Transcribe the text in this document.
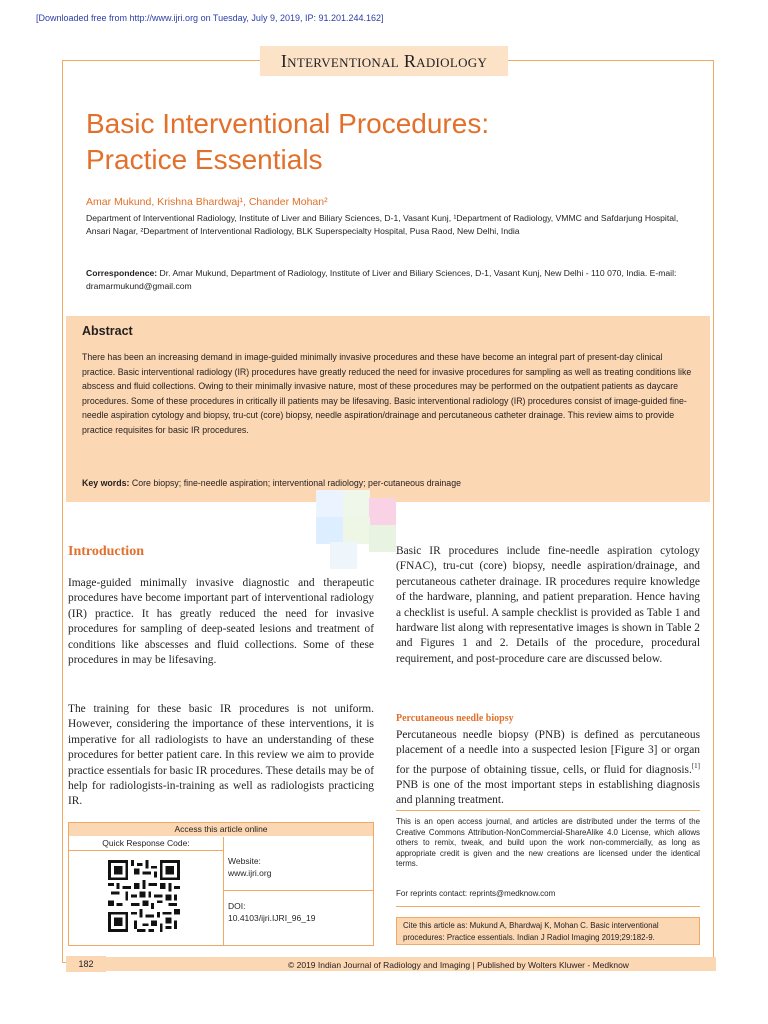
[Downloaded free from http://www.ijri.org on Tuesday, July 9, 2019, IP: 91.201.244.162]
Interventional Radiology
Basic Interventional Procedures:
Practice Essentials
Amar Mukund, Krishna Bhardwaj¹, Chander Mohan²
Department of Interventional Radiology, Institute of Liver and Biliary Sciences, D-1, Vasant Kunj, ¹Department of Radiology, VMMC and Safdarjung Hospital, Ansari Nagar, ²Department of Interventional Radiology, BLK Superspecialty Hospital, Pusa Raod, New Delhi, India
Correspondence: Dr. Amar Mukund, Department of Radiology, Institute of Liver and Biliary Sciences, D-1, Vasant Kunj, New Delhi - 110 070, India. E-mail: dramarmukund@gmail.com
Abstract
There has been an increasing demand in image-guided minimally invasive procedures and these have become an integral part of present-day clinical practice. Basic interventional radiology (IR) procedures have greatly reduced the need for invasive procedures for sampling as well as treating conditions like abscess and fluid collections. Owing to their minimally invasive nature, most of these procedures may be performed on the outpatient patients as daycare procedures. Some of these procedures in critically ill patients may be lifesaving. Basic interventional radiology (IR) procedures consist of image-guided fine-needle aspiration cytology and biopsy, tru-cut (core) biopsy, needle aspiration/drainage and percutaneous catheter drainage. This review aims to provide practice requisites for basic IR procedures.
Key words: Core biopsy; fine-needle aspiration; interventional radiology; per-cutaneous drainage
Introduction
Image-guided minimally invasive diagnostic and therapeutic procedures have become important part of interventional radiology (IR) practice. It has greatly reduced the need for invasive procedures for sampling of deep-seated lesions and treatment of conditions like abscesses and fluid collections. Some of these procedures in may be lifesaving.
The training for these basic IR procedures is not uniform. However, considering the importance of these interventions, it is imperative for all radiologists to have an understanding of these procedures for better patient care. In this review we aim to provide practice essentials for basic IR procedures. These details may be of help for radiologists-in-training as well as radiologists practicing IR.
Basic IR procedures include fine-needle aspiration cytology (FNAC), tru-cut (core) biopsy, needle aspiration/drainage, and percutaneous catheter drainage. IR procedures require knowledge of the hardware, planning, and patient preparation. Hence having a checklist is useful. A sample checklist is provided as Table 1 and hardware list along with representative images is shown in Table 2 and Figures 1 and 2. Details of the procedure, procedural requirement, and post-procedure care are discussed below.
Percutaneous needle biopsy
Percutaneous needle biopsy (PNB) is defined as percutaneous placement of a needle into a suspected lesion [Figure 3] or organ for the purpose of obtaining tissue, cells, or fluid for diagnosis.[1] PNB is one of the most important steps in establishing diagnosis and planning treatment.
Access this article online
Quick Response Code:
Website:
www.ijri.org
DOI:
10.4103/ijri.IJRI_96_19
This is an open access journal, and articles are distributed under the terms of the Creative Commons Attribution-NonCommercial-ShareAlike 4.0 License, which allows others to remix, tweak, and build upon the work non-commercially, as long as appropriate credit is given and the new creations are licensed under the identical terms.
For reprints contact: reprints@medknow.com
Cite this article as: Mukund A, Bhardwaj K, Mohan C. Basic interventional procedures: Practice essentials. Indian J Radiol Imaging 2019;29:182-9.
182	© 2019 Indian Journal of Radiology and Imaging | Published by Wolters Kluwer - Medknow
